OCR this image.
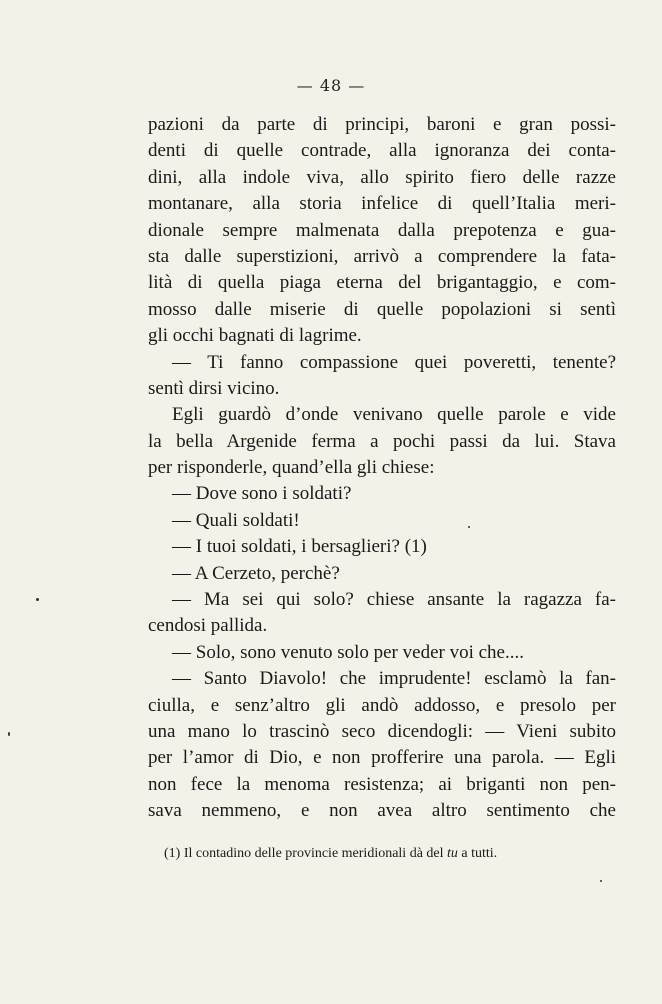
— 48 —
pazioni da parte di principi, baroni e gran possi-
denti di quelle contrade, alla ignoranza dei conta-
dini, alla indole viva, allo spirito fiero delle razze
montanare, alla storia infelice di quell’Italia meri-
dionale sempre malmenata dalla prepotenza e gua-
sta dalle superstizioni, arrivò a comprendere la fata-
lità di quella piaga eterna del brigantaggio, e com-
mosso dalle miserie di quelle popolazioni si sentì
gli occhi bagnati di lagrime.
— Ti fanno compassione quei poveretti, tenente?
sentì dirsi vicino.
Egli guardò d’onde venivano quelle parole e vide
la bella Argenide ferma a pochi passi da lui. Stava
per risponderle, quand’ella gli chiese:
— Dove sono i soldati?
— Quali soldati!
— I tuoi soldati, i bersaglieri? (1)
— A Cerzeto, perchè?
— Ma sei qui solo? chiese ansante la ragazza fa-
cendosi pallida.
— Solo, sono venuto solo per veder voi che....
— Santo Diavolo! che imprudente! esclamò la fan-
ciulla, e senz’altro gli andò addosso, e presolo per
una mano lo trascinò seco dicendogli: — Vieni subito
per l’amor di Dio, e non profferire una parola. — Egli
non fece la menoma resistenza; ai briganti non pen-
sava nemmeno, e non avea altro sentimento che
(1) Il contadino delle provincie meridionali dà del tu a tutti.
